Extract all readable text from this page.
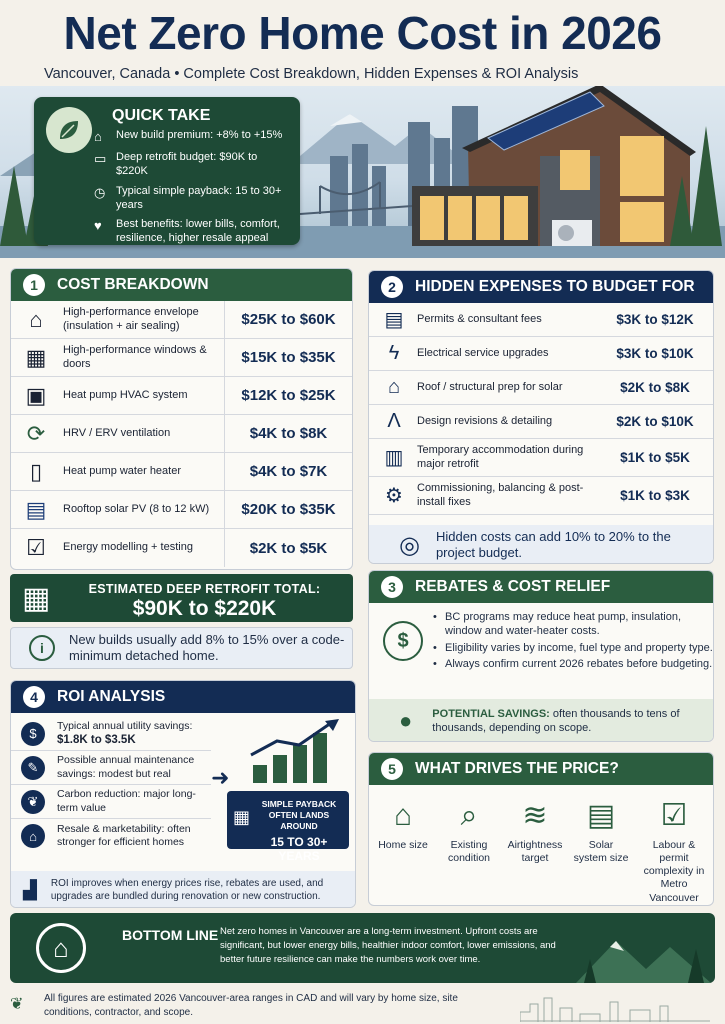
Net Zero Home Cost in 2026
Vancouver, Canada • Complete Cost Breakdown, Hidden Expenses & ROI Analysis
QUICK TAKE
⌂	New build premium: +8% to +15%
▭ Deep retrofit budget: $90K to $220K
◷ Typical simple payback: 15 to 30+ years
♥	Best benefits: lower bills, comfort, resilience, higher resale appeal
1	COST BREAKDOWN
⌂	High-performance envelope (insulation + air sealing)	$25K to $60K
▦	High-performance windows & doors	$15K to $35K
▣	Heat pump HVAC system	$12K to $25K
⟳	HRV / ERV ventilation	$4K to $8K
▯	Heat pump water heater	$4K to $7K
▤	Rooftop solar PV (8 to 12 kW)	$20K to $35K
☑	Energy modelling + testing	$2K to $5K
▦	ESTIMATED DEEP RETROFIT TOTAL:
$90K to $220K
i
New builds usually add 8% to 15% over a code-minimum detached home.
2	HIDDEN EXPENSES TO BUDGET FOR
▤	Permits & consultant fees	$3K to $12K
ϟ	Electrical service upgrades	$3K to $10K
⌂	Roof / structural prep for solar	$2K to $8K
Λ	Design revisions & detailing	$2K to $10K
▥	Temporary accommodation during major retrofit	$1K to $5K
⚙	Commissioning, balancing & post-install fixes	$1K to $3K
◎ Hidden costs can add 10% to 20% to the project budget.
3	REBATES & COST RELIEF
$
• BC programs may reduce heat pump, insulation, window and water-heater costs.
• Eligibility varies by income, fuel type and property type.
• Always confirm current 2026 rebates before budgeting.
● POTENTIAL SAVINGS: often thousands to tens of thousands, depending on scope.
4	ROI ANALYSIS
$
Typical annual utility savings:
$1.8K to $3.5K
✎	Possible annual maintenance savings: modest but real
❦	Carbon reduction: major long-term value
⌂	Resale & marketability: often stronger for efficient homes
➜
▦
SIMPLE PAYBACK OFTEN LANDS AROUND
15 TO 30+ YEARS
▟ ROI improves when energy prices rise, rebates are used, and upgrades are bundled during renovation or new construction.
5	WHAT DRIVES THE PRICE?
⌂
Home size
⌕
Existing condition
≋
Airtightness target
▤
Solar system size
☑
Labour & permit complexity in Metro Vancouver
⌂	BOTTOM LINE Net zero homes in Vancouver are a long-term investment. Upfront costs are significant, but lower energy bills, healthier indoor comfort, lower emissions, and better future resilience can make the numbers work over time.
❦ All figures are estimated 2026 Vancouver-area ranges in CAD and will vary by home size, site conditions, contractor, and scope.
